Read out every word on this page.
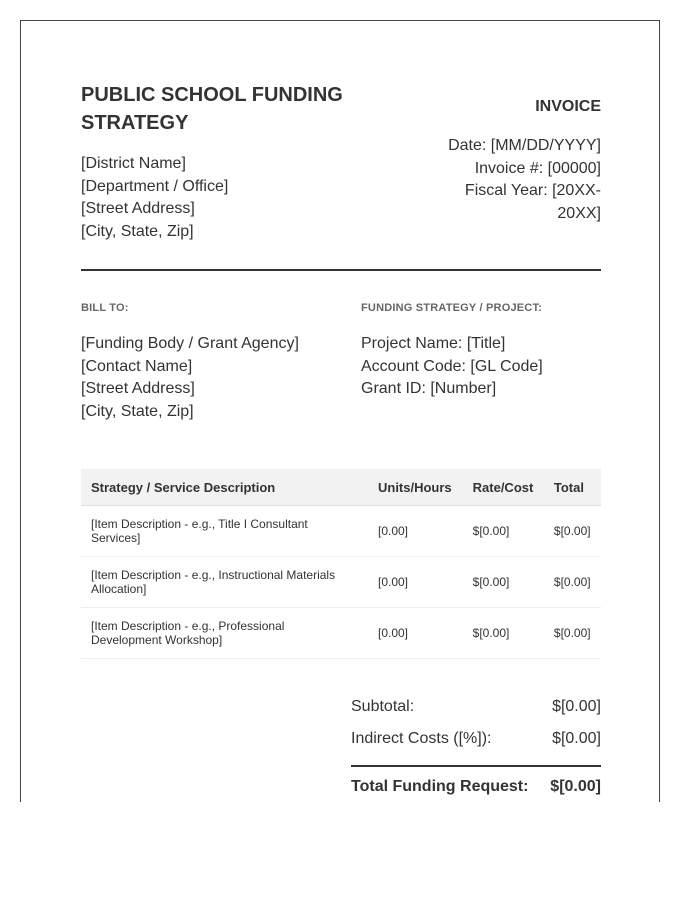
PUBLIC SCHOOL FUNDING STRATEGY
[District Name]
[Department / Office]
[Street Address]
[City, State, Zip]
INVOICE
Date: [MM/DD/YYYY]
Invoice #: [00000]
Fiscal Year: [20XX-20XX]
BILL TO:
[Funding Body / Grant Agency]
[Contact Name]
[Street Address]
[City, State, Zip]
FUNDING STRATEGY / PROJECT:
Project Name: [Title]
Account Code: [GL Code]
Grant ID: [Number]
Strategy / Service Description	Units/Hours	Rate/Cost	Total
[Item Description - e.g., Title I Consultant Services]	[0.00]	$[0.00]	$[0.00]
[Item Description - e.g., Instructional Materials Allocation]	[0.00]	$[0.00]	$[0.00]
[Item Description - e.g., Professional Development Workshop]	[0.00]	$[0.00]	$[0.00]
Subtotal:	$[0.00]
Indirect Costs ([%]):	$[0.00]
Total Funding Request: $[0.00]
